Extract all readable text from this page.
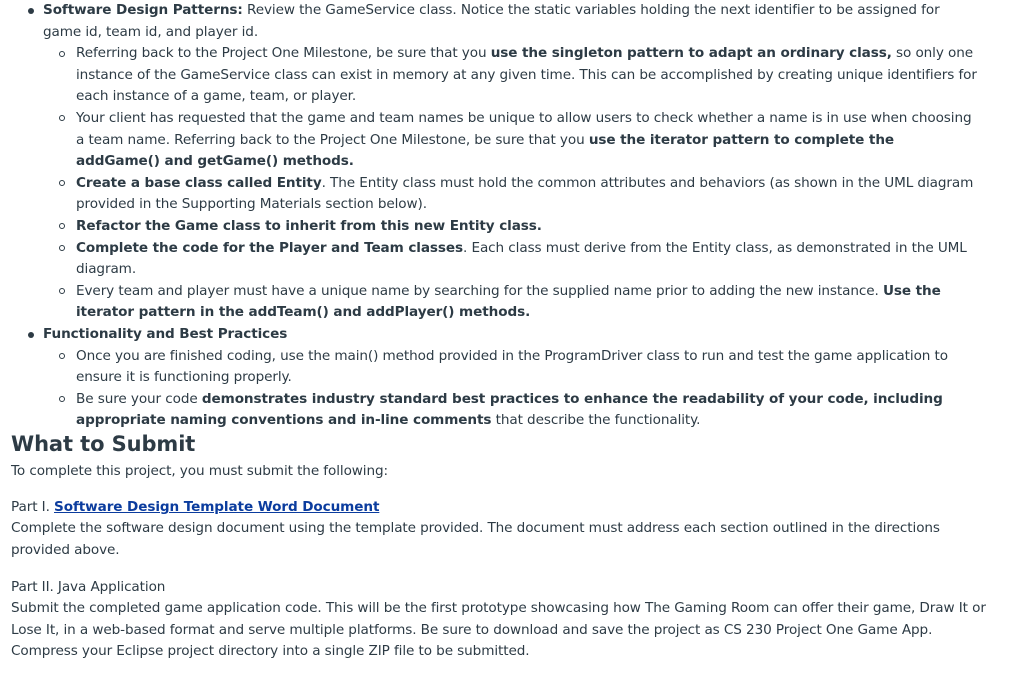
Software Design Patterns: Review the GameService class. Notice the static variables holding the next identifier to be assigned for game id, team id, and player id.
Referring back to the Project One Milestone, be sure that you use the singleton pattern to adapt an ordinary class, so only one instance of the GameService class can exist in memory at any given time. This can be accomplished by creating unique identifiers for each instance of a game, team, or player.
Your client has requested that the game and team names be unique to allow users to check whether a name is in use when choosing a team name. Referring back to the Project One Milestone, be sure that you use the iterator pattern to complete the addGame() and getGame() methods.
Create a base class called Entity. The Entity class must hold the common attributes and behaviors (as shown in the UML diagram provided in the Supporting Materials section below).
Refactor the Game class to inherit from this new Entity class.
Complete the code for the Player and Team classes. Each class must derive from the Entity class, as demonstrated in the UML diagram.
Every team and player must have a unique name by searching for the supplied name prior to adding the new instance. Use the iterator pattern in the addTeam() and addPlayer() methods.
Functionality and Best Practices
Once you are finished coding, use the main() method provided in the ProgramDriver class to run and test the game application to ensure it is functioning properly.
Be sure your code demonstrates industry standard best practices to enhance the readability of your code, including appropriate naming conventions and in-line comments that describe the functionality.
What to Submit

To complete this project, you must submit the following:

Part I. Software Design Template Word Document

Complete the software design document using the template provided. The document must address each section outlined in the directions provided above.

Part II. Java Application

Submit the completed game application code. This will be the first prototype showcasing how The Gaming Room can offer their game, Draw It or Lose It, in a web-based format and serve multiple platforms. Be sure to download and save the project as CS 230 Project One Game App. Compress your Eclipse project directory into a single ZIP file to be submitted.
